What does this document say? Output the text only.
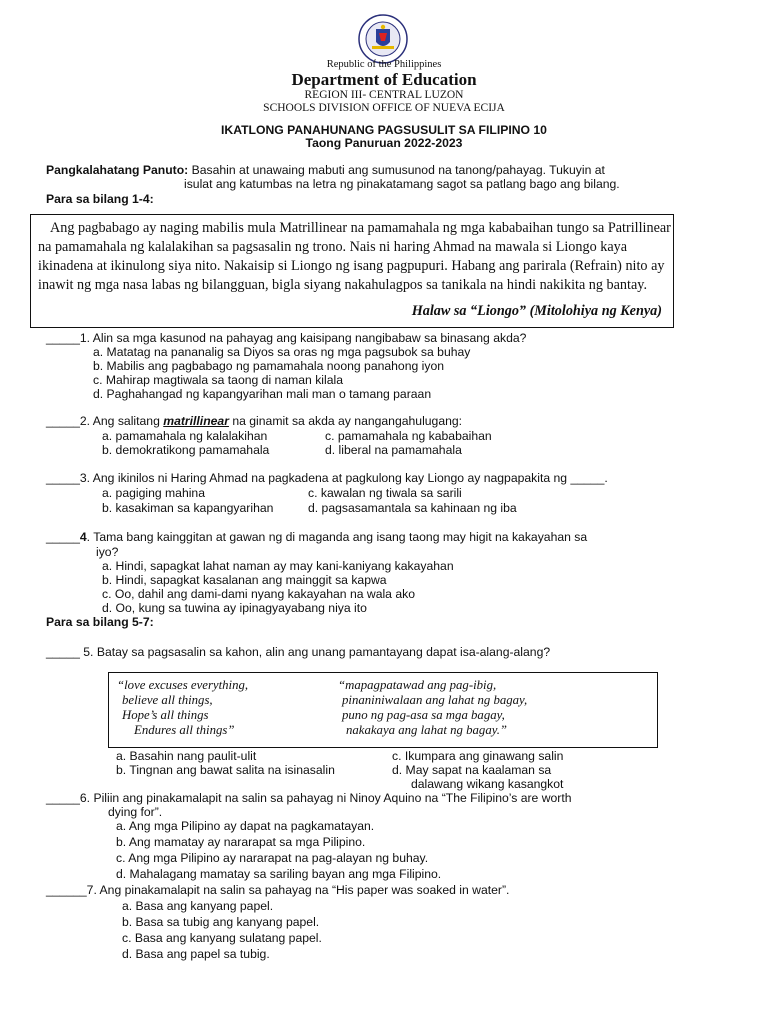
Republic of the Philippines
Department of Education
REGION III- CENTRAL LUZON
SCHOOLS DIVISION OFFICE OF NUEVA ECIJA
IKATLONG PANAHUNANG PAGSUSULIT SA FILIPINO 10
Taong Panuruan 2022-2023
Pangkalahatang Panuto: Basahin at unawaing mabuti ang sumusunod na tanong/pahayag. Tukuyin at
isulat ang katumbas na letra ng pinakatamang sagot sa patlang bago ang bilang.
Para sa bilang 1-4:
Ang pagbabago ay naging mabilis mula Matrillinear na pamamahala ng mga kababaihan tungo sa Patrillinear
na pamamahala ng kalalakihan sa pagsasalin ng trono. Nais ni haring Ahmad na mawala si Liongo kaya
ikinadena at ikinulong siya nito. Nakaisip si Liongo ng isang pagpupuri. Habang ang parirala (Refrain) nito ay
inawit ng mga nasa labas ng bilangguan, bigla siyang nakahulagpos sa tanikala na hindi nakikita ng bantay.
Halaw sa “Liongo” (Mitolohiya ng Kenya)
_____1. Alin sa mga kasunod na pahayag ang kaisipang nangibabaw sa binasang akda?
a. Matatag na pananalig sa Diyos sa oras ng mga pagsubok sa buhay
b. Mabilis ang pagbabago ng pamamahala noong panahong iyon
c. Mahirap magtiwala sa taong di naman kilala
d. Paghahangad ng kapangyarihan mali man o tamang paraan
_____2. Ang salitang matrillinear na ginamit sa akda ay nangangahulugang:
a. pamamahala ng kalalakihan
b. demokratikong pamamahala
c. pamamahala ng kababaihan
d. liberal na pamamahala
_____3. Ang ikinilos ni Haring Ahmad na pagkadena at pagkulong kay Liongo ay nagpapakita ng _____.
a. pagiging mahina
b. kasakiman sa kapangyarihan
c. kawalan ng tiwala sa sarili
d. pagsasamantala sa kahinaan ng iba
_____4. Tama bang kainggitan at gawan ng di maganda ang isang taong may higit na kakayahan sa
iyo?
a. Hindi, sapagkat lahat naman ay may kani-kaniyang kakayahan
b. Hindi, sapagkat kasalanan ang mainggit sa kapwa
c. Oo, dahil ang dami-dami nyang kakayahan na wala ako
d. Oo, kung sa tuwina ay ipinagyayabang niya ito
Para sa bilang 5-7:
_____ 5. Batay sa pagsasalin sa kahon, alin ang unang pamantayang dapat isa-alang-alang?
“love excuses everything,
believe all things,
Hope’s all things
Endures all things”
“mapagpatawad ang pag-ibig,
pinaniniwalaan ang lahat ng bagay,
puno ng pag-asa sa mga bagay,
nakakaya ang lahat ng bagay.”
a. Basahin nang paulit-ulit
b. Tingnan ang bawat salita na isinasalin
c. Ikumpara ang ginawang salin
d. May sapat na kaalaman sa
dalawang wikang kasangkot
_____6. Piliin ang pinakamalapit na salin sa pahayag ni Ninoy Aquino na “The Filipino’s are worth
dying for”.
a. Ang mga Pilipino ay dapat na pagkamatayan.
b. Ang mamatay ay nararapat sa mga Pilipino.
c. Ang mga Pilipino ay nararapat na pag-alayan ng buhay.
d. Mahalagang mamatay sa sariling bayan ang mga Filipino.
______7. Ang pinakamalapit na salin sa pahayag na “His paper was soaked in water”.
a. Basa ang kanyang papel.
b. Basa sa tubig ang kanyang papel.
c. Basa ang kanyang sulatang papel.
d. Basa ang papel sa tubig.
